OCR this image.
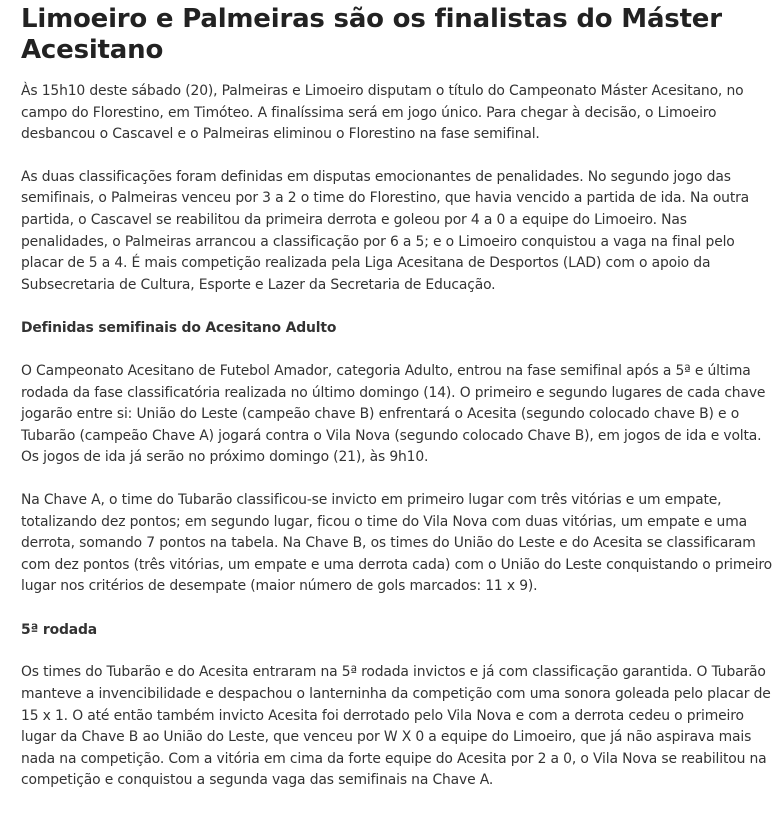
Limoeiro e Palmeiras são os finalistas do Máster Acesitano

Às 15h10 deste sábado (20), Palmeiras e Limoeiro disputam o título do Campeonato Máster Acesitano, no campo do Florestino, em Timóteo. A finalíssima será em jogo único. Para chegar à decisão, o Limoeiro desbancou o Cascavel e o Palmeiras eliminou o Florestino na fase semifinal.

As duas classificações foram definidas em disputas emocionantes de penalidades. No segundo jogo das semifinais, o Palmeiras venceu por 3 a 2 o time do Florestino, que havia vencido a partida de ida. Na outra partida, o Cascavel se reabilitou da primeira derrota e goleou por 4 a 0 a equipe do Limoeiro. Nas penalidades, o Palmeiras arrancou a classificação por 6 a 5; e o Limoeiro conquistou a vaga na final pelo placar de 5 a 4. É mais competição realizada pela Liga Acesitana de Desportos (LAD) com o apoio da Subsecretaria de Cultura, Esporte e Lazer da Secretaria de Educação.

Definidas semifinais do Acesitano Adulto

O Campeonato Acesitano de Futebol Amador, categoria Adulto, entrou na fase semifinal após a 5ª e última rodada da fase classificatória realizada no último domingo (14). O primeiro e segundo lugares de cada chave jogarão entre si: União do Leste (campeão chave B) enfrentará o Acesita (segundo colocado chave B) e o Tubarão (campeão Chave A) jogará contra o Vila Nova (segundo colocado Chave B), em jogos de ida e volta. Os jogos de ida já serão no próximo domingo (21), às 9h10.

Na Chave A, o time do Tubarão classificou-se invicto em primeiro lugar com três vitórias e um empate, totalizando dez pontos; em segundo lugar, ficou o time do Vila Nova com duas vitórias, um empate e uma derrota, somando 7 pontos na tabela. Na Chave B, os times do União do Leste e do Acesita se classificaram com dez pontos (três vitórias, um empate e uma derrota cada) com o União do Leste conquistando o primeiro lugar nos critérios de desempate (maior número de gols marcados: 11 x 9).

5ª rodada

Os times do Tubarão e do Acesita entraram na 5ª rodada invictos e já com classificação garantida. O Tubarão manteve a invencibilidade e despachou o lanterninha da competição com uma sonora goleada pelo placar de 15 x 1. O até então também invicto Acesita foi derrotado pelo Vila Nova e com a derrota cedeu o primeiro lugar da Chave B ao União do Leste, que venceu por W X 0 a equipe do Limoeiro, que já não aspirava mais nada na competição. Com a vitória em cima da forte equipe do Acesita por 2 a 0, o Vila Nova se reabilitou na competição e conquistou a segunda vaga das semifinais na Chave A.
